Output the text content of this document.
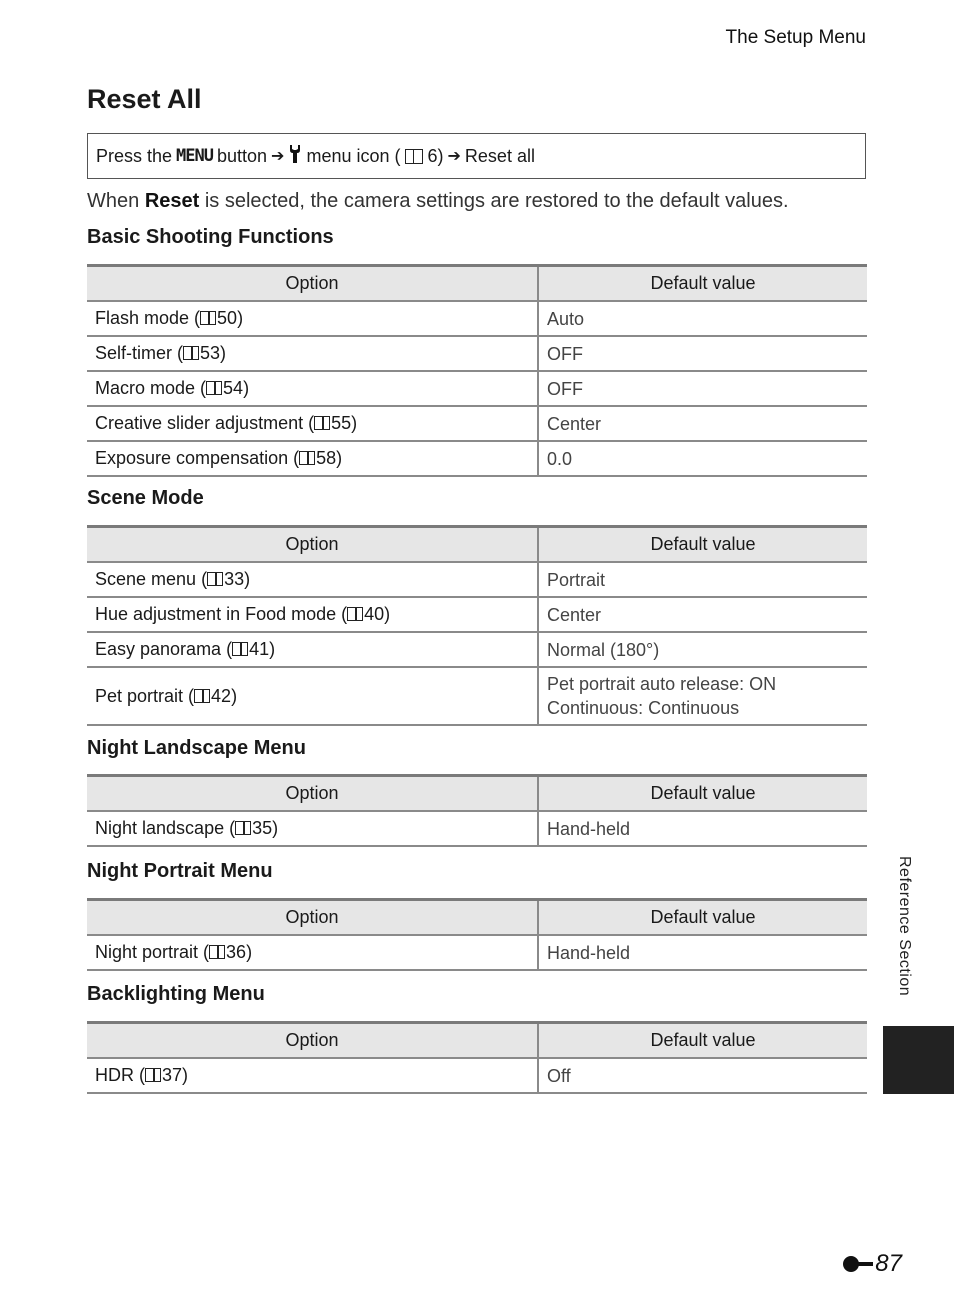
The Setup Menu
Reset All
Press the MENU button ➔ menu icon ( 6) ➔ Reset all

When Reset is selected, the camera settings are restored to the default values.

Basic Shooting Functions
Option	Default value
Flash mode ( 50)	Auto
Self-timer ( 53)	OFF
Macro mode ( 54)	OFF
Creative slider adjustment ( 55)	Center
Exposure compensation ( 58)	0.0
Scene Mode
Option	Default value
Scene menu ( 33)	Portrait
Hue adjustment in Food mode ( 40)	Center
Easy panorama ( 41)	Normal (180°)
Pet portrait ( 42)	Pet portrait auto release: ON
Continuous: Continuous
Night Landscape Menu
Option	Default value
Night landscape ( 35)	Hand-held
Night Portrait Menu
Option	Default value
Night portrait ( 36)	Hand-held
Backlighting Menu
Option	Default value
HDR ( 37)	Off
Reference Section
87
